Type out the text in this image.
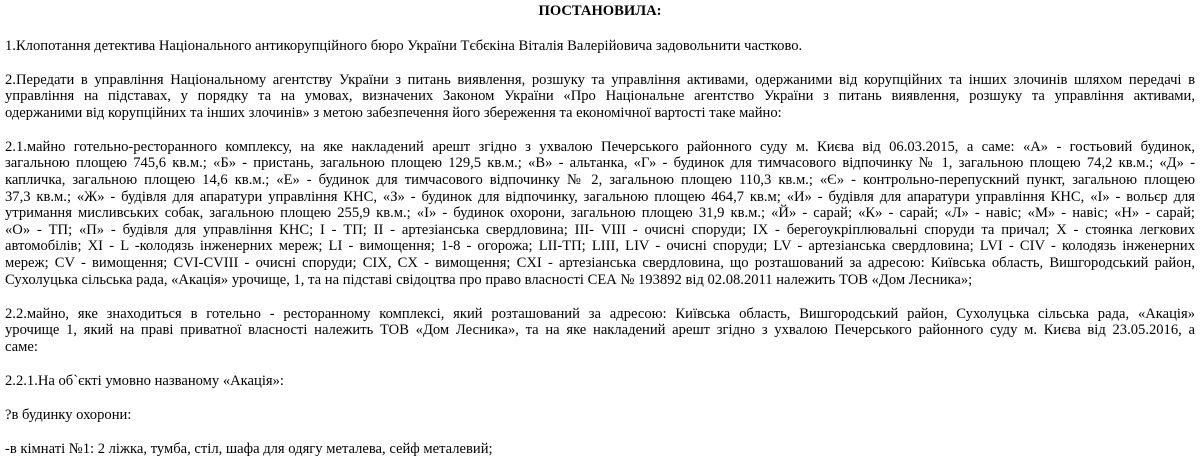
ПОСТАНОВИЛА:
1.Клопотання детектива Національного антикорупційного бюро України Тєбєкіна Віталія Валерійовича задовольнити частково.
2.Передати в управління Національному агентству України з питань виявлення, розшуку та управління активами, одержаними від корупційних та інших злочинів шляхом передачі в
управління на підставах, у порядку та на умовах, визначених Законом України «Про Національне агентство України з питань виявлення, розшуку та управління активами,
одержаними від корупційних та інших злочинів» з метою забезпечення його збереження та економічної вартості таке майно:
2.1.майно готельно-ресторанного комплексу, на яке накладений арешт згідно з ухвалою Печерського районного суду м. Києва від 06.03.2015, а саме: «А» - гостьовий будинок,
загальною площею 745,6 кв.м.; «Б» - пристань, загальною площею 129,5 кв.м.; «В» - альтанка, «Г» - будинок для тимчасового відпочинку № 1, загальною площею 74,2 кв.м.; «Д» -
капличка, загальною площею 14,6 кв.м.; «Е» - будинок для тимчасового відпочинку № 2, загальною площею 110,3 кв.м.; «Є» - контрольно-перепускний пункт, загальною площею
37,3 кв.м.; «Ж» - будівля для апаратури управління КНС, «З» - будинок для відпочинку, загальною площею 464,7 кв.м; «И» - будівля для апаратури управління КНС, «І» - вольєр для
утримання мисливських собак, загальною площею 255,9 кв.м.; «І» - будинок охорони, загальною площею 31,9 кв.м.; «Й» - сарай; «К» - сарай; «Л» - навіс; «М» - навіс; «Н» - сарай;
«О» - ТП; «П» - будівля для управління КНС; І - ТП; ІІ - артезіанська свердловина; ІІІ- VIII - очисні споруди; IX - берегоукріплювальні споруди та причал; X - стоянка легкових
автомобілів; XI - L -колодязь інженерних мереж; LI - вимощення; 1-8 - огорожа; LII-ТП; LIII, LIV - очисні споруди; LV - артезіанська свердловина; LVI - CIV - колодязь інженерних
мереж; CV - вимощення; CVI-CVIII - очисні споруди; CIX, CX - вимощення; CXI - артезіанська свердловина, що розташований за адресою: Київська область, Вишгородський район,
Сухолуцька сільська рада, «Акація» урочище, 1, та на підставі свідоцтва про право власності СЕА № 193892 від 02.08.2011 належить ТОВ «Дом Лесника»;
2.2.майно, яке знаходиться в готельно - ресторанному комплексі, який розташований за адресою: Київська область, Вишгородський район, Сухолуцька сільська рада, «Акація»
урочище 1, який на праві приватної власності належить ТОВ «Дом Лесника», та на яке накладений арешт згідно з ухвалою Печерського районного суду м. Києва від 23.05.2016, а
саме:
2.2.1.На об`єкті умовно названому «Акація»:
?в будинку охорони:
-в кімнаті №1: 2 ліжка, тумба, стіл, шафа для одягу металева, сейф металевий;
